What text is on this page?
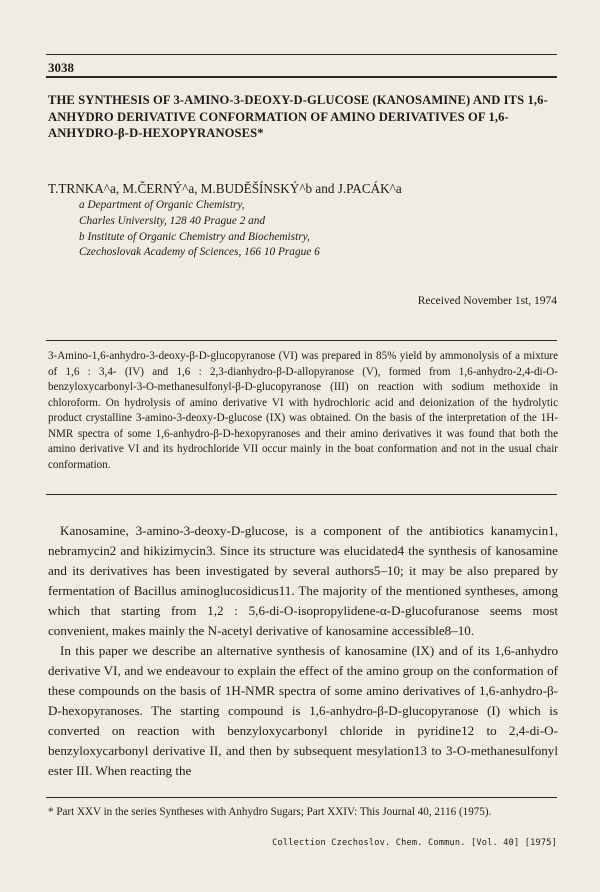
3038
THE SYNTHESIS OF 3-AMINO-3-DEOXY-D-GLUCOSE (KANOSAMINE) AND ITS 1,6-ANHYDRO DERIVATIVE CONFORMATION OF AMINO DERIVATIVES OF 1,6-ANHYDRO-β-D-HEXOPYRANOSES*
T.TRNKA^a, M.ČERNÝ^a, M.BUDĚŠÍNSKÝ^b and J.PACÁK^a
a Department of Organic Chemistry,
Charles University, 128 40 Prague 2 and
b Institute of Organic Chemistry and Biochemistry,
Czechoslovak Academy of Sciences, 166 10 Prague 6
Received November 1st, 1974

3-Amino-1,6-anhydro-3-deoxy-β-D-glucopyranose (VI) was prepared in 85% yield by ammonolysis of a mixture of 1,6 : 3,4- (IV) and 1,6 : 2,3-dianhydro-β-D-allopyranose (V), formed from 1,6-anhydro-2,4-di-O-benzyloxycarbonyl-3-O-methanesulfonyl-β-D-glucopyranose (III) on reaction with sodium methoxide in chloroform. On hydrolysis of amino derivative VI with hydrochloric acid and deionization of the hydrolytic product crystalline 3-amino-3-deoxy-D-glucose (IX) was obtained. On the basis of the interpretation of the 1H-NMR spectra of some 1,6-anhydro-β-D-hexopyranoses and their amino derivatives it was found that both the amino derivative VI and its hydrochloride VII occur mainly in the boat conformation and not in the usual chair conformation.

Kanosamine, 3-amino-3-deoxy-D-glucose, is a component of the antibiotics kanamycin1, nebramycin2 and hikizimycin3. Since its structure was elucidated4 the synthesis of kanosamine and its derivatives has been investigated by several authors5–10; it may be also prepared by fermentation of Bacillus aminoglucosidicus11. The majority of the mentioned syntheses, among which that starting from 1,2 : 5,6-di-O-isopropylidene-α-D-glucofuranose seems most convenient, makes mainly the N-acetyl derivative of kanosamine accessible8–10.

In this paper we describe an alternative synthesis of kanosamine (IX) and of its 1,6-anhydro derivative VI, and we endeavour to explain the effect of the amino group on the conformation of these compounds on the basis of 1H-NMR spectra of some amino derivatives of 1,6-anhydro-β-D-hexopyranoses. The starting compound is 1,6-anhydro-β-D-glucopyranose (I) which is converted on reaction with benzyloxycarbonyl chloride in pyridine12 to 2,4-di-O-benzyloxycarbonyl derivative II, and then by subsequent mesylation13 to 3-O-methanesulfonyl ester III. When reacting the

* Part XXV in the series Syntheses with Anhydro Sugars; Part XXIV: This Journal 40, 2116 (1975).

Collection Czechoslov. Chem. Commun. [Vol. 40] [1975]
